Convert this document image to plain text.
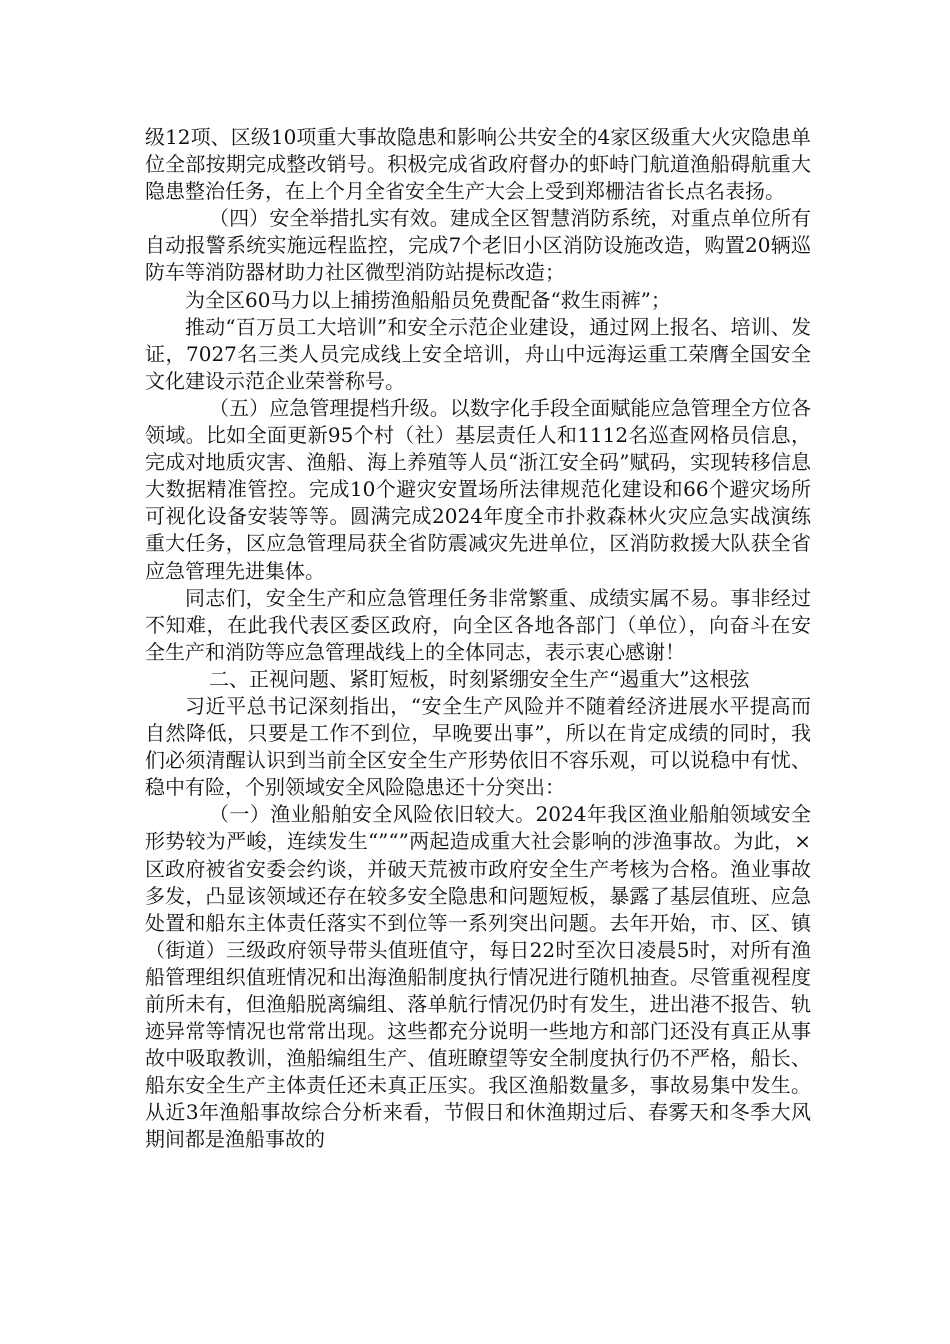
级12项、区级10项重大事故隐患和影响公共安全的4家区级重大火灾隐患单位全部按期完成整改销号。积极完成省政府督办的虾峙门航道渔船碍航重大隐患整治任务，在上个月全省安全生产大会上受到郑栅洁省长点名表扬。

（四）安全举措扎实有效。建成全区智慧消防系统，对重点单位所有自动报警系统实施远程监控，完成7个老旧小区消防设施改造，购置20辆巡防车等消防器材助力社区微型消防站提标改造；

为全区60马力以上捕捞渔船船员免费配备“救生雨裤”；

推动“百万员工大培训”和安全示范企业建设，通过网上报名、培训、发证，7027名三类人员完成线上安全培训，舟山中远海运重工荣膺全国安全文化建设示范企业荣誉称号。

（五）应急管理提档升级。以数字化手段全面赋能应急管理全方位各领域。比如全面更新95个村（社）基层责任人和1112名巡查网格员信息，完成对地质灾害、渔船、海上养殖等人员“浙江安全码”赋码，实现转移信息大数据精准管控。完成10个避灾安置场所法律规范化建设和66个避灾场所可视化设备安装等等。圆满完成2024年度全市扑救森林火灾应急实战演练重大任务，区应急管理局获全省防震减灾先进单位，区消防救援大队获全省应急管理先进集体。

同志们，安全生产和应急管理任务非常繁重、成绩实属不易。事非经过不知难，在此我代表区委区政府，向全区各地各部门（单位），向奋斗在安全生产和消防等应急管理战线上的全体同志，表示衷心感谢！

二、正视问题、紧盯短板，时刻紧绷安全生产“遏重大”这根弦

习近平总书记深刻指出，“安全生产风险并不随着经济进展水平提高而自然降低，只要是工作不到位，早晚要出事”，所以在肯定成绩的同时，我们必须清醒认识到当前全区安全生产形势依旧不容乐观，可以说稳中有忧、稳中有险，个别领域安全风险隐患还十分突出：

（一）渔业船舶安全风险依旧较大。2024年我区渔业船舶领域安全形势较为严峻，连续发生“”“”两起造成重大社会影响的涉渔事故。为此，×区政府被省安委会约谈，并破天荒被市政府安全生产考核为合格。渔业事故多发，凸显该领域还存在较多安全隐患和问题短板，暴露了基层值班、应急处置和船东主体责任落实不到位等一系列突出问题。去年开始，市、区、镇（街道）三级政府领导带头值班值守，每日22时至次日凌晨5时，对所有渔船管理组织值班情况和出海渔船制度执行情况进行随机抽查。尽管重视程度前所未有，但渔船脱离编组、落单航行情况仍时有发生，进出港不报告、轨迹异常等情况也常常出现。这些都充分说明一些地方和部门还没有真正从事故中吸取教训，渔船编组生产、值班瞭望等安全制度执行仍不严格，船长、船东安全生产主体责任还未真正压实。我区渔船数量多，事故易集中发生。从近3年渔船事故综合分析来看，节假日和休渔期过后、春雾天和冬季大风期间都是渔船事故的
